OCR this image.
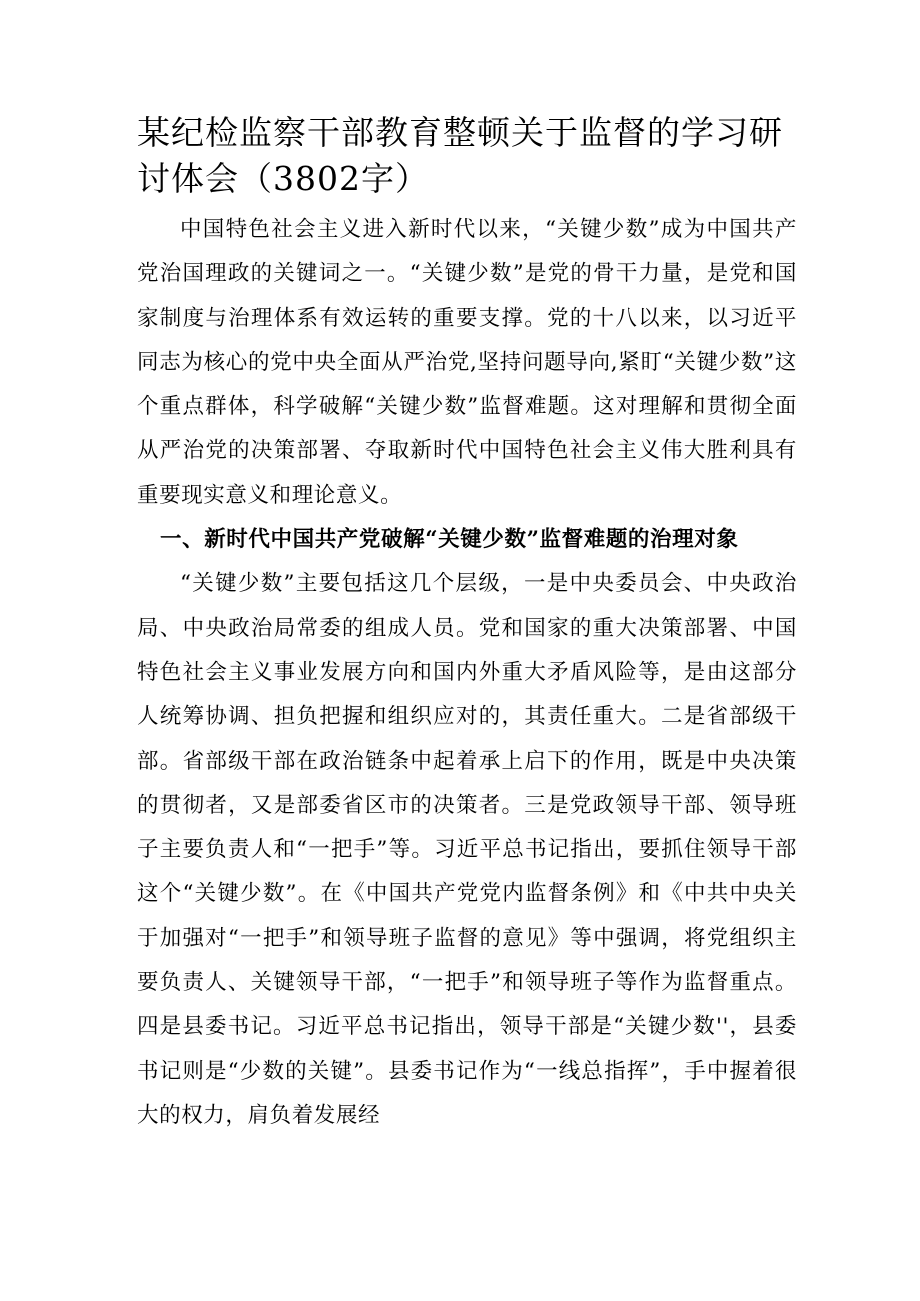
某纪检监察干部教育整顿关于监督的学习研讨体会（3802字）

中国特色社会主义进入新时代以来，“关键少数”成为中国共产党治国理政的关键词之一。“关键少数”是党的骨干力量，是党和国家制度与治理体系有效运转的重要支撑。党的十八以来，以习近平同志为核心的党中央全面从严治党,坚持问题导向,紧盯“关键少数”这个重点群体，科学破解“关键少数”监督难题。这对理解和贯彻全面从严治党的决策部署、夺取新时代中国特色社会主义伟大胜利具有重要现实意义和理论意义。

一、新时代中国共产党破解“关键少数”监督难题的治理对象

“关键少数”主要包括这几个层级，一是中央委员会、中央政治局、中央政治局常委的组成人员。党和国家的重大决策部署、中国特色社会主义事业发展方向和国内外重大矛盾风险等，是由这部分人统筹协调、担负把握和组织应对的，其责任重大。二是省部级干部。省部级干部在政治链条中起着承上启下的作用，既是中央决策的贯彻者，又是部委省区市的决策者。三是党政领导干部、领导班子主要负责人和“一把手”等。习近平总书记指出，要抓住领导干部这个“关键少数”。在《中国共产党党内监督条例》和《中共中央关于加强对“一把手”和领导班子监督的意见》等中强调，将党组织主要负责人、关键领导干部，“一把手”和领导班子等作为监督重点。四是县委书记。习近平总书记指出，领导干部是“关键少数''，县委书记则是“少数的关键”。县委书记作为“一线总指挥”，手中握着很大的权力，肩负着发展经
